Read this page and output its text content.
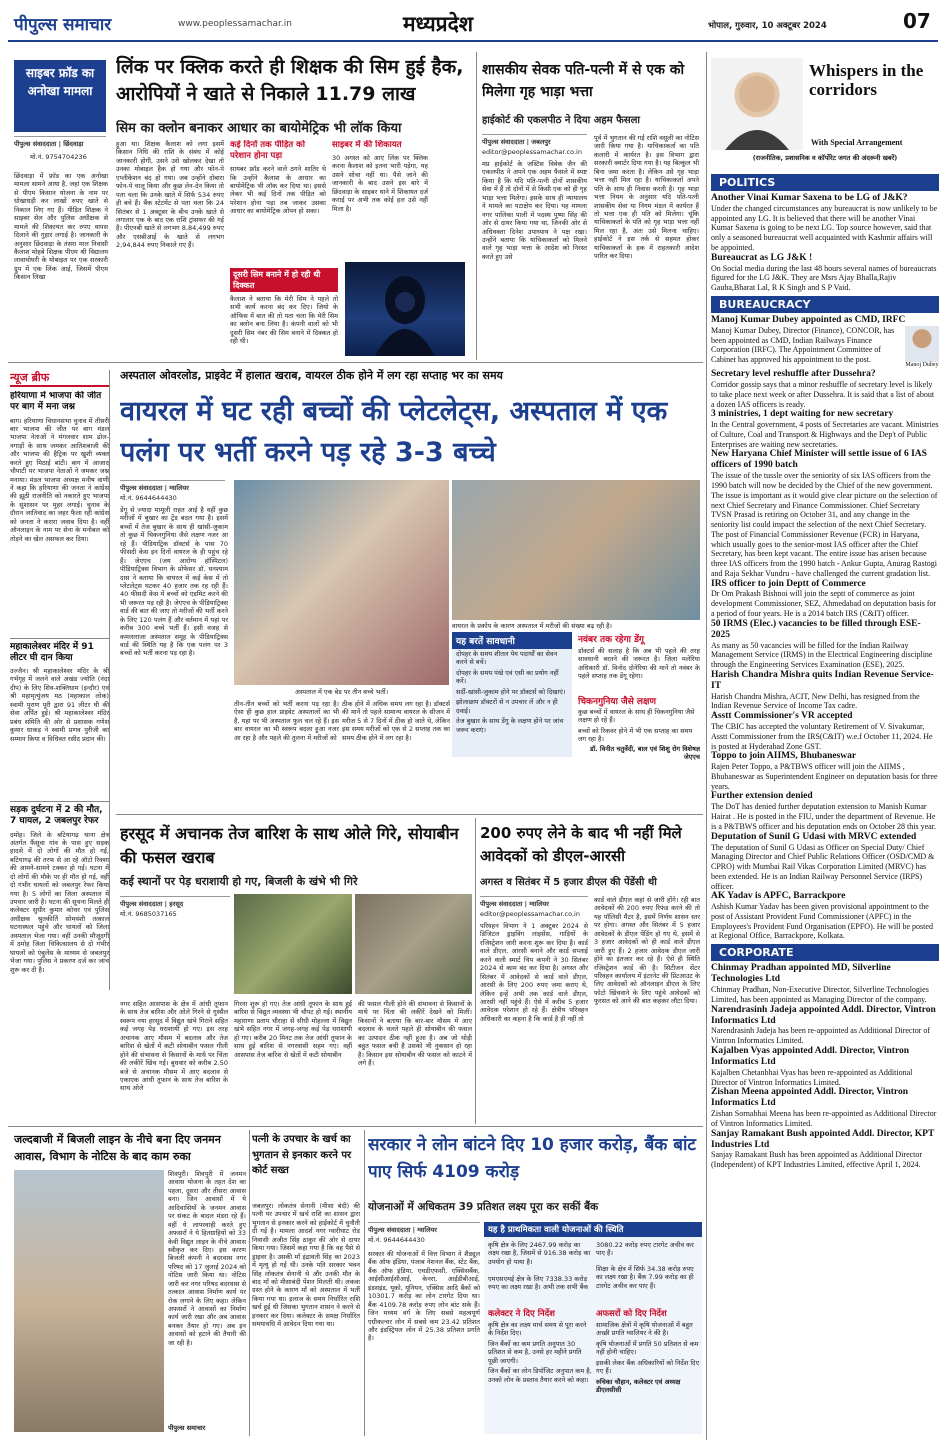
पीपुल्स समाचार	www.peoplessamachar.in	मध्यप्रदेश	भोपाल, गुरुवार, 10 अक्टूबर 2024	07
साइबर फ्रॉड का अनोखा मामला
लिंक पर क्लिक करते ही शिक्षक की सिम हुई हैक, आरोपियों ने खाते से निकाले 11.79 लाख
सिम का क्लोन बनाकर आधार का बायोमेट्रिक भी लॉक किया
पीपुल्स संवाददाता | छिंदवाड़ा
मो.नं. 9754704236
छिंदवाड़ा में फ्रॉड का एक अनोखा मामला सामने आया है, जहां एक शिक्षक से पीएम किसान योजना के नाम पर धोखाधड़ी कर लाखों रुपए खाते से निकाल लिए गए हैं। पीड़ित शिक्षक ने साइबर सेल और पुलिस अधीक्षक से मामले की शिकायत कर रुपए वापस दिलाने की गुहार लगाई है। जानकारी के अनुसार छिंदवाड़ा के तंसरा माल निवासी कैलाश मोहबे शिक्षक पीएम श्री विद्यालय लावाघोघरी के मोबाइल पर एक सरकारी ग्रुप में एक लिंक आई, जिसमें पीएम किसान लिखा
हुआ था। शिक्षक कैलाश को लगा इसमें किसान निधि की राशि के संबंध में कोई जानकारी होगी, उसने उसे खोलकर देखा तो उनका मोबाइल हैक हो गया और फोन-पे एप्लीकेशन बंद हो गया। जब उन्होंने दोबारा फोन-पे चालू किया और कुछ लेन-देन किया तो पता चला कि उनके खाते में सिर्फ 534 रुपए ही बचे हैं। बैंक स्टेटमेंट से पता चला कि 24 सितंबर से 1 अक्टूबर के बीच उनके खाते से लगातार एक के बाद एक राशि ट्रांसफर की गई है। पीएनबी खाते से लगभग 8,84,499 रुपए और एसबीआई के खाते से लगभग 2,94,844 रुपए निकाले गए हैं।
कई दिनों तक पीड़ित को परेशान होना पड़ा
सायबर फ्रॉड करने वाले ठगने शातिर थे कि उन्होंने कैलाश के आधार का बायोमेट्रिक भी लॉक कर दिया था। इससे लेकर भी कई दिनों तक पीड़ित को परेशान होना पड़ा तब जाकर उसका आधार का बायोमेट्रिक ओपन हो सका।
साइबर में की शिकायत
30 अगस्त को आए लिंक पर क्लिक करना कैलाश को इतना भारी पड़ेगा, यह उसने सोचा नहीं था। पैसे जाने की जानकारी के बाद उसने इस बारे में छिंदवाड़ा के साइबर थाने में शिकायत दर्ज कराई पर अभी तक कोई हल उसे नहीं मिला है।
दूसरी सिम बनाने में हो रही थी दिक्कत
कैलाश ने बताया कि मेरी सिम ने पहले तो सभी कार्य करना बंद कर दिए। जियो के ऑफिस में बात की तो पता चला कि मेरी सिम का क्लोन बना लिया है। कंपनी वालों को भी दूसरी सिम नंबर की सिम बनाने में दिक्कत हो रही थी।
शासकीय सेवक पति-पत्नी में से एक को मिलेगा गृह भाड़ा भत्ता
हाईकोर्ट की एकलपीठ ने दिया अहम फैसला
पीपुल्स संवाददाता | जबलपुर
editor@peoplessamachar.co.in
मप्र हाईकोर्ट के जस्टिस विवेक जैन की एकलपीठ ने अपने एक अहम फैसले में स्पष्ट किया है कि यदि पति-पत्नी दोनों शासकीय सेवा में हैं तो दोनों में से किसी एक को ही गृह भाड़ा भत्ता मिलेगा। इसके साथ ही न्यायालय ने मामले का पटाक्षेप कर दिया। यह मामला नगर पालिका पाली में पदस्थ पुष्पा सिंह की ओर से दायर किया गया था, जिनकी ओर से अधिवक्ता दिनेश उपाध्याय ने पक्ष रखा। उन्होंने बताया कि याचिकाकर्ता को मिलने वाले गृह भाड़ा भत्ता के आदेश को निरस्त करते हुए उसे
पूर्व में भुगतान की गई राशि वसूली का नोटिस जारी किया गया है। याचिकाकर्ता का पति कलारी में कार्यरत है। इस विभाग द्वारा सरकारी क्वार्टर दिया गया है। यह बिल्कुल भी बिना जमा करता है। लेकिन उसे गृह भाड़ा भत्ता नहीं मिल रहा है। याचिकाकर्ता अपने पति के साथ ही निवास करती है। गृह भाड़ा भत्ता नियम के अनुसार यदि पति-पत्नी शासकीय सेवा या निगम मंडल में कार्यरत हैं तो भत्ता एक ही पति को मिलेगा। चूंकि याचिकाकर्ता के पति को गृह भाड़ा भत्ता नहीं मिल रहा है, अतः उसे मिलना चाहिए। हाईकोर्ट ने इस तर्क से सहमत होकर याचिकाकर्ता के हक में राहतकारी आदेश पारित कर दिया।
न्यूज ब्रीफ
हरियाणा में भाजपा की जीत पर बाग में मना जश्न
बाग। हरियाणा विधानसभा चुनाव में तीसरी बार भाजपा की जीत पर बाग मंडल भाजपा नेताओं ने मंगलवार शाम ढोल-नगाड़ों के साथ जमकर आतिशबाजी की और भाजपा की हैट्रिक पर खुशी व्यक्त करते हुए मिठाई बांटी। बाग में आजाद चौपाटी पर भाजपा नेताओं ने जमकर जश्न मनाया। मंडल भाजपा अध्यक्ष मनीष वाणी ने कहा कि हरियाणा की जनता ने कांग्रेस की झूठी राजनीति को नकारते हुए भाजपा के सुशासन पर मुहर लगाई। चुनाव के दौरान जातिवाद का जहर फैला रही कांग्रेस को जनता ने करारा जवाब दिया है। वहीं ऑनलाइन के नाम पर सेना के मनोबल को तोड़ने का खेल असफल कर दिया।
महाकालेश्वर मंदिर में 91 लीटर घी दान किया
उज्जैन। श्री महाकालेश्वर मंदिर के श्री गर्भगृह में जलने वाले अखंड ज्योति (नंदा दीप) के लिए शिव-शक्तिधाम (इन्दौर) एवं श्री महामृत्युंजय मठ (महाकाल लोक) स्वामी पुराण पूरी द्वारा 91 लीटर घी की सेवा अर्पित हुई। श्री महाकालेश्वर मंदिर प्रबंध समिति की ओर से प्रशासक गणेश कुमार धाकड़ ने स्वामी प्रणव पुरीजी का सम्मान किया व विधिवत रसीद प्रदान की।
सड़क दुर्घटना में 2 की मौत, 7 घायल, 2 जबलपुर रेफर
दमोह। जिले के बटियागढ़ थाना क्षेत्र अंतर्गत फैंसुवा गांव के पास हुए सड़क हादसे में दो लोगों की मौत हो गई, बटियागढ़ की तरफ से आ रहे ऑटो रिक्शा की आमने-सामने टक्कर हो गई। घटना में दो लोगों की मौके पर ही मौत हो गई, वहीं दो गंभीर घायलों को जबलपुर रेफर किया गया है। 5 लोगों का जिला अस्पताल में उपचार जारी है। घटना की सूचना मिलते ही कलेक्टर सुधीर कुमार कोचर एवं पुलिस अधीक्षक श्रुतकीर्ति सोमवंशी तत्काल घटनास्थल पहुंचे और घायलों को जिला अस्पताल भेजा गया। वहीं उनकी मौजूदगी में दमोह जिला चिकित्सालय से दो गंभीर घायलों को एंबुलेंस के माध्यम से जबलपुर भेजा गया। पुलिस ने प्रकरण दर्ज कर जांच शुरू कर दी है।
अस्पताल ओवरलोड, प्राइवेट में हालात खराब, वायरल ठीक होने में लग रहा सप्ताह भर का समय
वायरल में घट रही बच्चों की प्लेटलेट्स, अस्पताल में एक पलंग पर भर्ती करने पड़ रहे 3-3 बच्चे
पीपुल्स संवाददाता | ग्वालियर
मो.नं. 9644644430
डेंगू से ज्यादा मामूली राहत आई है वहीं कुछ मरीजों में बुखार का ट्रेंड बदल गया है। इसमें बच्चों में तेज बुखार के साथ ही खांसी-जुकाम तो कुछ में चिकनगुनिया जैसे लक्षण नजर आ रहे हैं। पीडियाट्रिक डॉक्टर्स के पास 70 फीसदी केस इन दिनों वायरल के ही पहुंच रहे हैं। जेएएच (जय आरोग्य हॉस्पिटल) पीडियाट्रिक्स विभाग के प्रोफेसर डॉ. घनश्याम दास ने बताया कि वायरल में कई केस में तो प्लेटलेट्स घटकर 40 हजार तक रह रही हैं। 40 फीसदी केस में बच्चों को एडमिट करने की भी जरूरत पड़ रही है। जेएएच के पीडियाट्रिक्स वार्ड की बात की जाए तो मरीजों की भर्ती करने के लिए 120 पलंग हैं और वर्तमान में यहां पर करीब 300 बच्चे भर्ती हैं। इसी वजह से कमलाराजा अस्पताल समूह के पीडियाट्रिक्स वार्ड की स्थिति यह है कि एक पलंग पर 3 बच्चों को भर्ती करना पड़ रहा है।
अस्पताल में एक बेड पर तीन बच्चे भर्ती।
वायरल के प्रकोप के कारण अस्पताल में मरीजों की संख्या बढ़ रही है।
तीन-तीन बच्चों को भर्ती करना पड़ रहा है। ऐसा ही कुछ हाल प्राइवेट अस्पतालों का भी है, यहां पर भी अस्पताल फुल चल रहे हैं। इस बार वायरल का भी स्वरूप बदला हुआ नजर आ रहा है और पहले की तुलना में मरीजों को
ठीक होने में अधिक समय लग रहा है। डॉक्टर्स की मानें तो पहले सामान्य वायरल के सीजन में मरीज 5 से 7 दिनों में ठीक हो जाते थे, लेकिन इस समय मरीजों को एक से 2 सप्ताह तक का समय ठीक होने में लग रहा है।
यह बरतें सावधानी
दोपहर के समय शीतल पेय पदार्थों का सेवन करने से बचें।
दोपहर के समय पंखे एवं एसी का प्रयोग नहीं करें।
सर्दी-खांसी-जुकाम होने पर डॉक्टर्स को दिखाएं।
झोलाछाप डॉक्टरों से न उपचार लें और न ही दवाई।
तेज बुखार के साथ डेंगू के लक्षण होने पर जांच जरूर कराएं।
नवंबर तक रहेगा डेंगू
डॉक्टर्स की सलाह है कि अब भी पहले की तरह सावधानी बरतने की जरूरत है। जिला मलेरिया अधिकारी डॉ. विनोद दोनेरिया की मानें तो नवंबर के पहले सप्ताह तक डेंगू रहेगा।
चिकनगुनिया जैसे लक्षण
कुछ बच्चों में वायरल के साथ ही चिकनगुनिया जैसे लक्षण हो रहे हैं।
बच्चों को रिकवर होने में भी एक सप्ताह का समय लग रहा है।
डॉ. विनीत चतुर्वेदी, बाल एवं शिशु रोग विशेषज्ञ जेएएच
हरसूद में अचानक तेज बारिश के साथ ओले गिरे, सोयाबीन की फसल खराब
कई स्थानों पर पेड़ धराशायी हो गए, बिजली के खंभे भी गिरे
पीपुल्स संवाददाता | हरसूद
मो.नं. 9685037165
नगर सहित आसपास के क्षेत्र में आंधी तूफान के साथ तेज बारिश और ओले गिरने से गुस्सैल स्वरूप नया हरसूद में विद्युत खंभे गिराने सहित कई जगह पेड़ धराशायी हो गए। इस तरह अचानक आए मौसम में बदलाव और तेज बारिश से खेतों में कटी सोयाबीन फसल गीली होने की संभावना से किसानों के माथे पर चिंता की लकीरें खिंच गईं। बुधवार को करीब 2.50 बजे से अचानक मौसम में आए बदलाव से एकाएक आंधी तूफान के साथ तेज बारिश के साथ ओले
गिरना शुरू हो गए। तेज आंधी तूफान के साथ हुई बारिश से विद्युत व्यवस्था भी चौपट हो गई। स्थानीय महाराणा प्रताप चौराहा से सीधी मोहल्ला में विद्युत खंभे सहित नगर में जगह-जगह कई पेड़ धराशायी हो गए। करीब 20 मिनट तक तेज आंधी तूफान के साथ हुई बारिश से नगरवासी सहम गए। वहीं आसपास तेज बारिश से खेतों में कटी सोयाबीन
की फसल गीली होने की संभावना से किसानों के माथे पर चिंता की लकीरें देखने को मिलीं। किसानों ने बताया कि बार-बार मौसम में आए बदलाव के चलते पहले ही सोयाबीन की फसल का उत्पादन ठीक नहीं हुआ है। अब जो थोड़ी बहुत फसल बची है उसको भी नुकसान हो रहा है। किसान इस सोयाबीन की फसल को काटने में लगे हैं।
200 रुपए लेने के बाद भी नहीं मिले आवेदकों को डीएल-आरसी
अगस्त व सितंबर में 5 हजार डीएल की पेंडेंसी थी
पीपुल्स संवाददाता | ग्वालियर
editor@peoplessamachar.co.in
परिवहन विभाग ने 1 अक्टूबर 2024 से डिजिटल ड्राइविंग लाइसेंस, गाड़ियों के रजिस्ट्रेशन जारी करना शुरू कर दिया है। कार्ड वाले डीएल, आरसी बनाने और कार्ड सप्लाई करने वाली स्मार्ट चिप कंपनी ने 30 सितंबर 2024 से काम बंद कर दिया है। अगस्त और सितंबर में आवेदकों से कार्ड वाले डीएल, आरसी के लिए 200 रुपए जमा कराए थे, लेकिन इन्हें अभी तक कार्ड वाले डीएल, आरसी नहीं पहुंचे हैं। ऐसे में करीब 5 हजार आवेदक परेशान हो रहे हैं। क्षेत्रीय परिवहन अधिकारी का कहना है कि कार्ड है ही नहीं तो
कार्ड वाले डीएल कहां से जारी होंगे। रही बात आवेदकों की 200 रुपए रिफंड करने की तो यह पॉलिसी मैटर है, इसमें निर्णय शासन स्तर पर होगा। अगस्त और सितंबर में 5 हजार आवेदकों के डीएल पेंडिंग हो गए थे, इसमें से 3 हजार आवेदकों को ही कार्ड वाले डीएल जारी हुए हैं। 2 हजार आवेदक डीएल जारी होने का इंतजार कर रहे हैं। ऐसे ही स्थिति रजिस्ट्रेशन कार्ड की है। सिटीजन सेंटर परिवहन कार्यालय में इंटरनेट की प्रिंटआउट के लिए आवेदकों को ऑनलाइन डीएल के लिए फोटो खिंचवाने के लिए पहुंचे आवेदकों को फुरसत को आने की बात कहकर लौटा दिया।
जल्दबाजी में बिजली लाइन के नीचे बना दिए जनमन आवास, विभाग के नोटिस के बाद काम रुका
शिवपुरी। शिवपुरी में जनमन आवास योजना के तहत देश का पहला, दूसरा और तीसरा आवास बना। जिन आवासों में ये आदिवासियों के जनमन आवास पर संकट के बादल मंडरा रहे हैं। वहीं ये लापरवाही करते हुए अफसरों ने ये हितग्राहियों को 33 केवी विद्युत लाइन के नीचे आवास स्वीकृत कर दिए। इस कारण बिजली कंपनी ने बदरवास नगर परिषद को 17 जुलाई 2024 को नोटिस जारी किया था। नोटिस जारी कर नगर परिषद बदरवास से तत्काल आवास निर्माण कार्य पर रोक लगाने के लिए कहा। लेकिन अफसरों ने आवासों का निर्माण कार्य जारी रखा और अब आवास बनकर तैयार हो गए। अब इन आवासों को हटाने की तैयारी की जा रही है।
पीपुल्स समाचार
पत्नी के उपचार के खर्च का भुगतान से इनकार करने पर कोर्ट सख्त
जबलपुर। लोकतंत्र सेनानी (मीसा बंदी) की पत्नी पर उपचार में खर्च राशि का शासन द्वारा भुगतान से इनकार करने को हाईकोर्ट में चुनौती दी गई है। मामला आदर्श नगर ग्वारीघाट रोड निवासी अजीत सिंह ठाकुर की ओर से दायर किया गया। जिसमें कहा गया है कि वह पैसे से ड्राइवर है। उसकी माँ इंद्रावती सिंह का 2023 में मृत्यु हो गई थी। उनके पति सरकार भवन सिंह लोकतंत्र सेनानी थे और उनकी मौत के बाद माँ को मीसाबंदी पेंशन मिलती थी। लकवा ग्रस्त होने के कारण माँ को अस्पताल में भर्ती किया गया था। इलाज के समय निर्धारित राशि खर्च हुई थी जिसका भुगतान शासन ने करने से इनकार कर दिया। कलेक्टर के समक्ष निर्धारित समयावधि में आवेदन दिया गया था।
सरकार ने लोन बांटने दिए 10 हजार करोड़, बैंक बांट पाए सिर्फ 4109 करोड़
योजनाओं में अधिकतम 39 प्रतिशत लक्ष्य पूरा कर सकीं बैंक
पीपुल्स संवाददाता | ग्वालियर
मो.नं. 9644644430
सरकार की योजनाओं में वित्त विभाग ने शैड्यूल बैंक ऑफ इंडिया, पंजाब नेशनल बैंक, स्टेट बैंक, बैंक ऑफ इंडिया, एचडीएफसी, एक्सिसबैंक, आईसीआईसीआई, केनरा, आईडीबीआई, इंडसइंड, यूको, यूनियन, एक्सिस आदि बैंकों को 10301.7 करोड़ का लोन टारगेट दिया था। बैंक 4109.78 करोड़ रुपए लोन बांट सके हैं। जिन मध्यम वर्ग के लिए सबसे महत्वपूर्ण एग्रीकल्चर लोन में सबसे कम 23.42 प्रतिशत और इंडस्ट्रियल लोन में 25.38 प्रतिशत प्रगति है।
यह है प्राथमिकता वाली योजनाओं की स्थिति
कृषि क्षेत्र के लिए 2467.99 करोड़ का लक्ष्य रखा है, जिसमें से 916.38 करोड़ का उपयोग हो पाया है।
एमएसएमई क्षेत्र के लिए 7338.33 करोड़ रुपए का लक्ष्य रखा है। अभी तक सभी बैंक
3080.22 करोड़ रुपए टारगेट अचीव कर पाए हैं।
शिक्षा के क्षेत्र में सिर्फ 34.38 करोड़ रुपए का लक्ष्य रखा है। बैंक 7.99 करोड़ का ही टारगेट अचीव कर पाए हैं।
कलेक्टर ने दिए निर्देश
कृषि क्षेत्र का लक्ष्य मार्च समय से पूरा करने के निर्देश दिए।
जिन बैंकों का कम प्रगति अनुपात 30 प्रतिशत से कम है, उनसे हर महीने प्रगति पूछी जाएगी।
जिन बैंकों का लोन डिपॉजिट अनुपात कम है, उनको लोन के प्रस्ताव तैयार करने को कहा।
अफसरों को दिए निर्देश
सामाजिक क्षेत्रों में कृषि योजनाओं में बहुत अच्छी प्रगति ग्वालियर ने की है।
कृषि योजनाओं में प्रगति 50 प्रतिशत से कम नहीं होनी चाहिए।
इसकी लेकर बैंक अधिकारियों को निर्देश दिए गए हैं।
रुचिका चौहान, कलेक्टर एवं अध्यक्ष डीएलसीसी
Whispers in the corridors
With Special Arrangement
(राजनीतिक, प्रशासनिक व कॉर्पोरेट जगत की अंदरूनी खबरें)
POLITICS
Another Vinai Kumar Saxena to be LG of J&K?
Under the changed circumstances any bureaucrat is now unlikely to be appointed any LG. It is believed that there will be another Vinai Kumar Saxena is going to be next LG. Top source however, said that only a seasoned bureaucrat well acquainted with Kashmir affairs will be appointed.
Bureaucrat as LG J&K !
On Social media during the last 48 hours several names of bureaucrats figured for the LG J&K. They are Msrs Ajay Bhalla,Rajiv Gauba,Bharat Lal, R K Singh and S P Vaid.
BUREAUCRACY
Manoj Kumar Dubey appointed as CMD, IRFC
Manoj Kumar Dubey, Director (Finance), CONCOR, has been appointed as CMD, Indian Railways Finance Corporation (IRFC). The Appointment Committee of Cabinet has approved his appointment to the post.
Manoj Dubey
Secretary level reshuffle after Dussehra?
Corridor gossip says that a minor reshuffle of secretary level is likely to take place next week or after Dussehra. It is said that a list of about a dozen IAS officers is ready.
3 ministries, 1 dept waiting for new secretary
In the Central government, 4 posts of Secretaries are vacant. Ministries of Culture, Coal and Transport & Highways and the Dep't of Public Enterprises are waiting new secretaries.
New Haryana Chief Minister will settle issue of 6 IAS officers of 1990 batch
The issue of the tussle over the seniority of six IAS officers from the 1990 batch will now be decided by the Chief of the new government. The issue is important as it would give clear picture on the selection of next Chief Secretary and Finance Commissioner. Chief Secretary TVSN Prasad is retiring on October 31, and any change in the seniority list could impact the selection of the next Chief Secretary. The post of Financial Commissioner Revenue (FCR) in Haryana, which usually goes to the senior-most IAS officer after the Chief Secretary, has been kept vacant. The entire issue has arisen because three IAS officers from the 1990 batch - Ankur Gupta, Anurag Rastogi and Raja Sekhar Vundru - have challenged the current gradation list.
IRS officer to join Deptt of Commerce
Dr Om Prakash Bishnoi will join the septt of commerce as joint development Commissioner, SEZ, Ahmedabad on deputation basis for a period of four years. He is a 2014 batch IRS (C&IT) officer.
50 IRMS (Elec.) vacancies to be filled through ESE-2025
As many as 50 vacancies will be filled for the Indian Railway Management Service (IRMS) in the Electrical Engineering discipline through the Engineering Services Examination (ESE), 2025.
Harish Chandra Mishra quits Indian Revenue Service-IT
Harish Chandra Mishra, ACIT, New Delhi, has resigned from the Indian Revenue Service of Income Tax cadre.
Asstt Commissioner's VR accepted
The CBIC has accepted the voluntary Retirement of V. Sivakumar, Asstt Commissioner from the IRS(C&IT) w.e.f October 11, 2024. He is posted at Hyderabad Zone GST.
Toppo to join AIIMS, Bhubaneswar
Rajen Peter Toppo, a P&TBWS officer will join the AIIMS , Bhubaneswar as Superintendent Engineer on deputation basis for three years.
Further extension denied
The DoT has denied further deputation extension to Manish Kumar Hairat . He is posted in the FIU, under the department of Revenue. He is a P&TBWS officer and his deputation ends on October 28 this year.
Deputation of Sunil G Udasi with MRVC extended
The deputation of Sunil G Udasi as Officer on Special Duty/ Chief Managing Director and Chief Public Relations Officer (OSD/CMD & CPRO) with Mumbai Rail Vikas Corporation Limited (MRVC) has been extended. He is an Indian Railway Personnel Service (IRPS) officer.
AK Yadav is APFC, Barrackpore
Ashish Kumar Yadav has been given provisional appointment to the post of Assistant Provident Fund Commissioner (APFC) in the Employees's Provident Fund Organisation (EPFO). He will be posted at Regional Office, Barrackpore, Kolkata.
CORPORATE
Chinmay Pradhan appointed MD, Silverline Technologies Ltd
Chinmay Pradhan, Non-Executive Director, Silverline Technologies Limited, has been appointed as Managing Director of the company.
Narendrasinh Jadeja appointed Addl. Director, Vintron Informatics Ltd
Narendrasinh Jadeja has been re-appointed as Additional Director of Vintron Informatics Limited.
Kajalben Vyas appointed Addl. Director, Vintron Informatics Ltd
Kajalben Chetanbhai Vyas has been re-appointed as Additional Director of Vintron Informatics Limited.
Zishan Meena appointed Addl. Director, Vintron Informatics Ltd
Zishan Sornabhai Meena has been re-appointed as Additional Director of Vintron Informatics Limited.
Sanjay Ramakant Bush appointed Addl. Director, KPT Industries Ltd
Sanjay Ramakant Bush has been appointed as Additional Director (Independent) of KPT Industries Limited, effective April 1, 2024.
